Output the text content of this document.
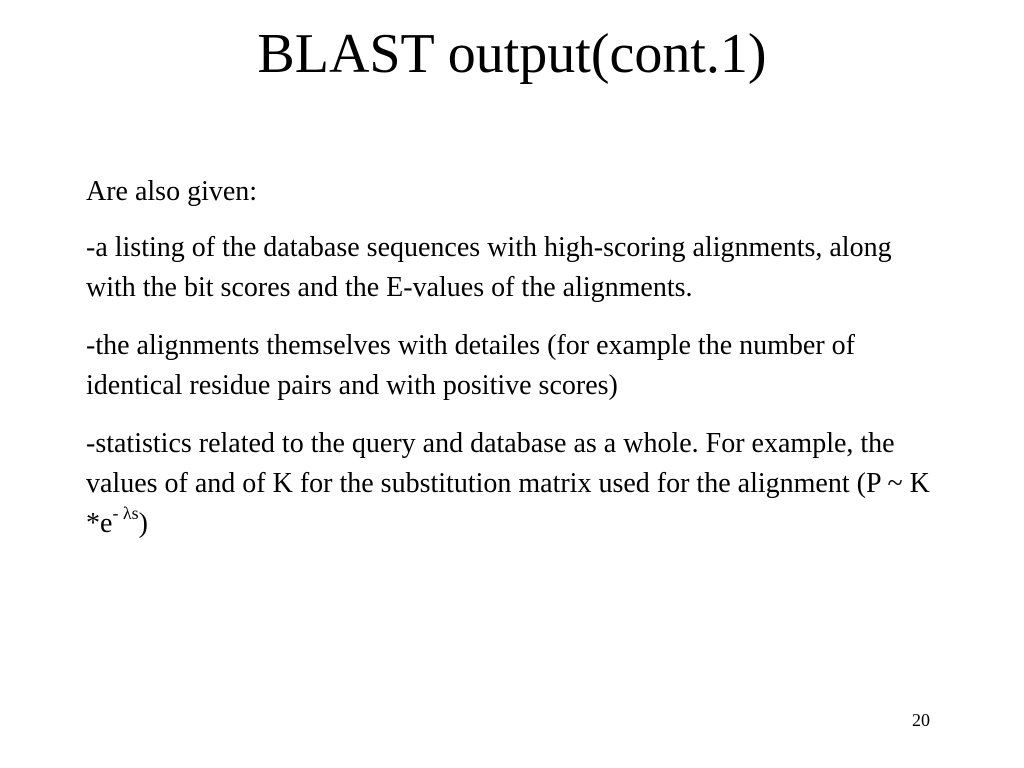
BLAST output(cont.1)

Are also given:

-a listing of the database sequences with high-scoring alignments, along with the bit scores and the E-values of the alignments.

-the alignments themselves with detailes (for example the number of identical residue pairs and with positive scores)

-statistics related to the query and database as a whole. For example, the values of and of K for the substitution matrix used for the alignment (P ~ K $*e^{- \lambda s}$)

20
